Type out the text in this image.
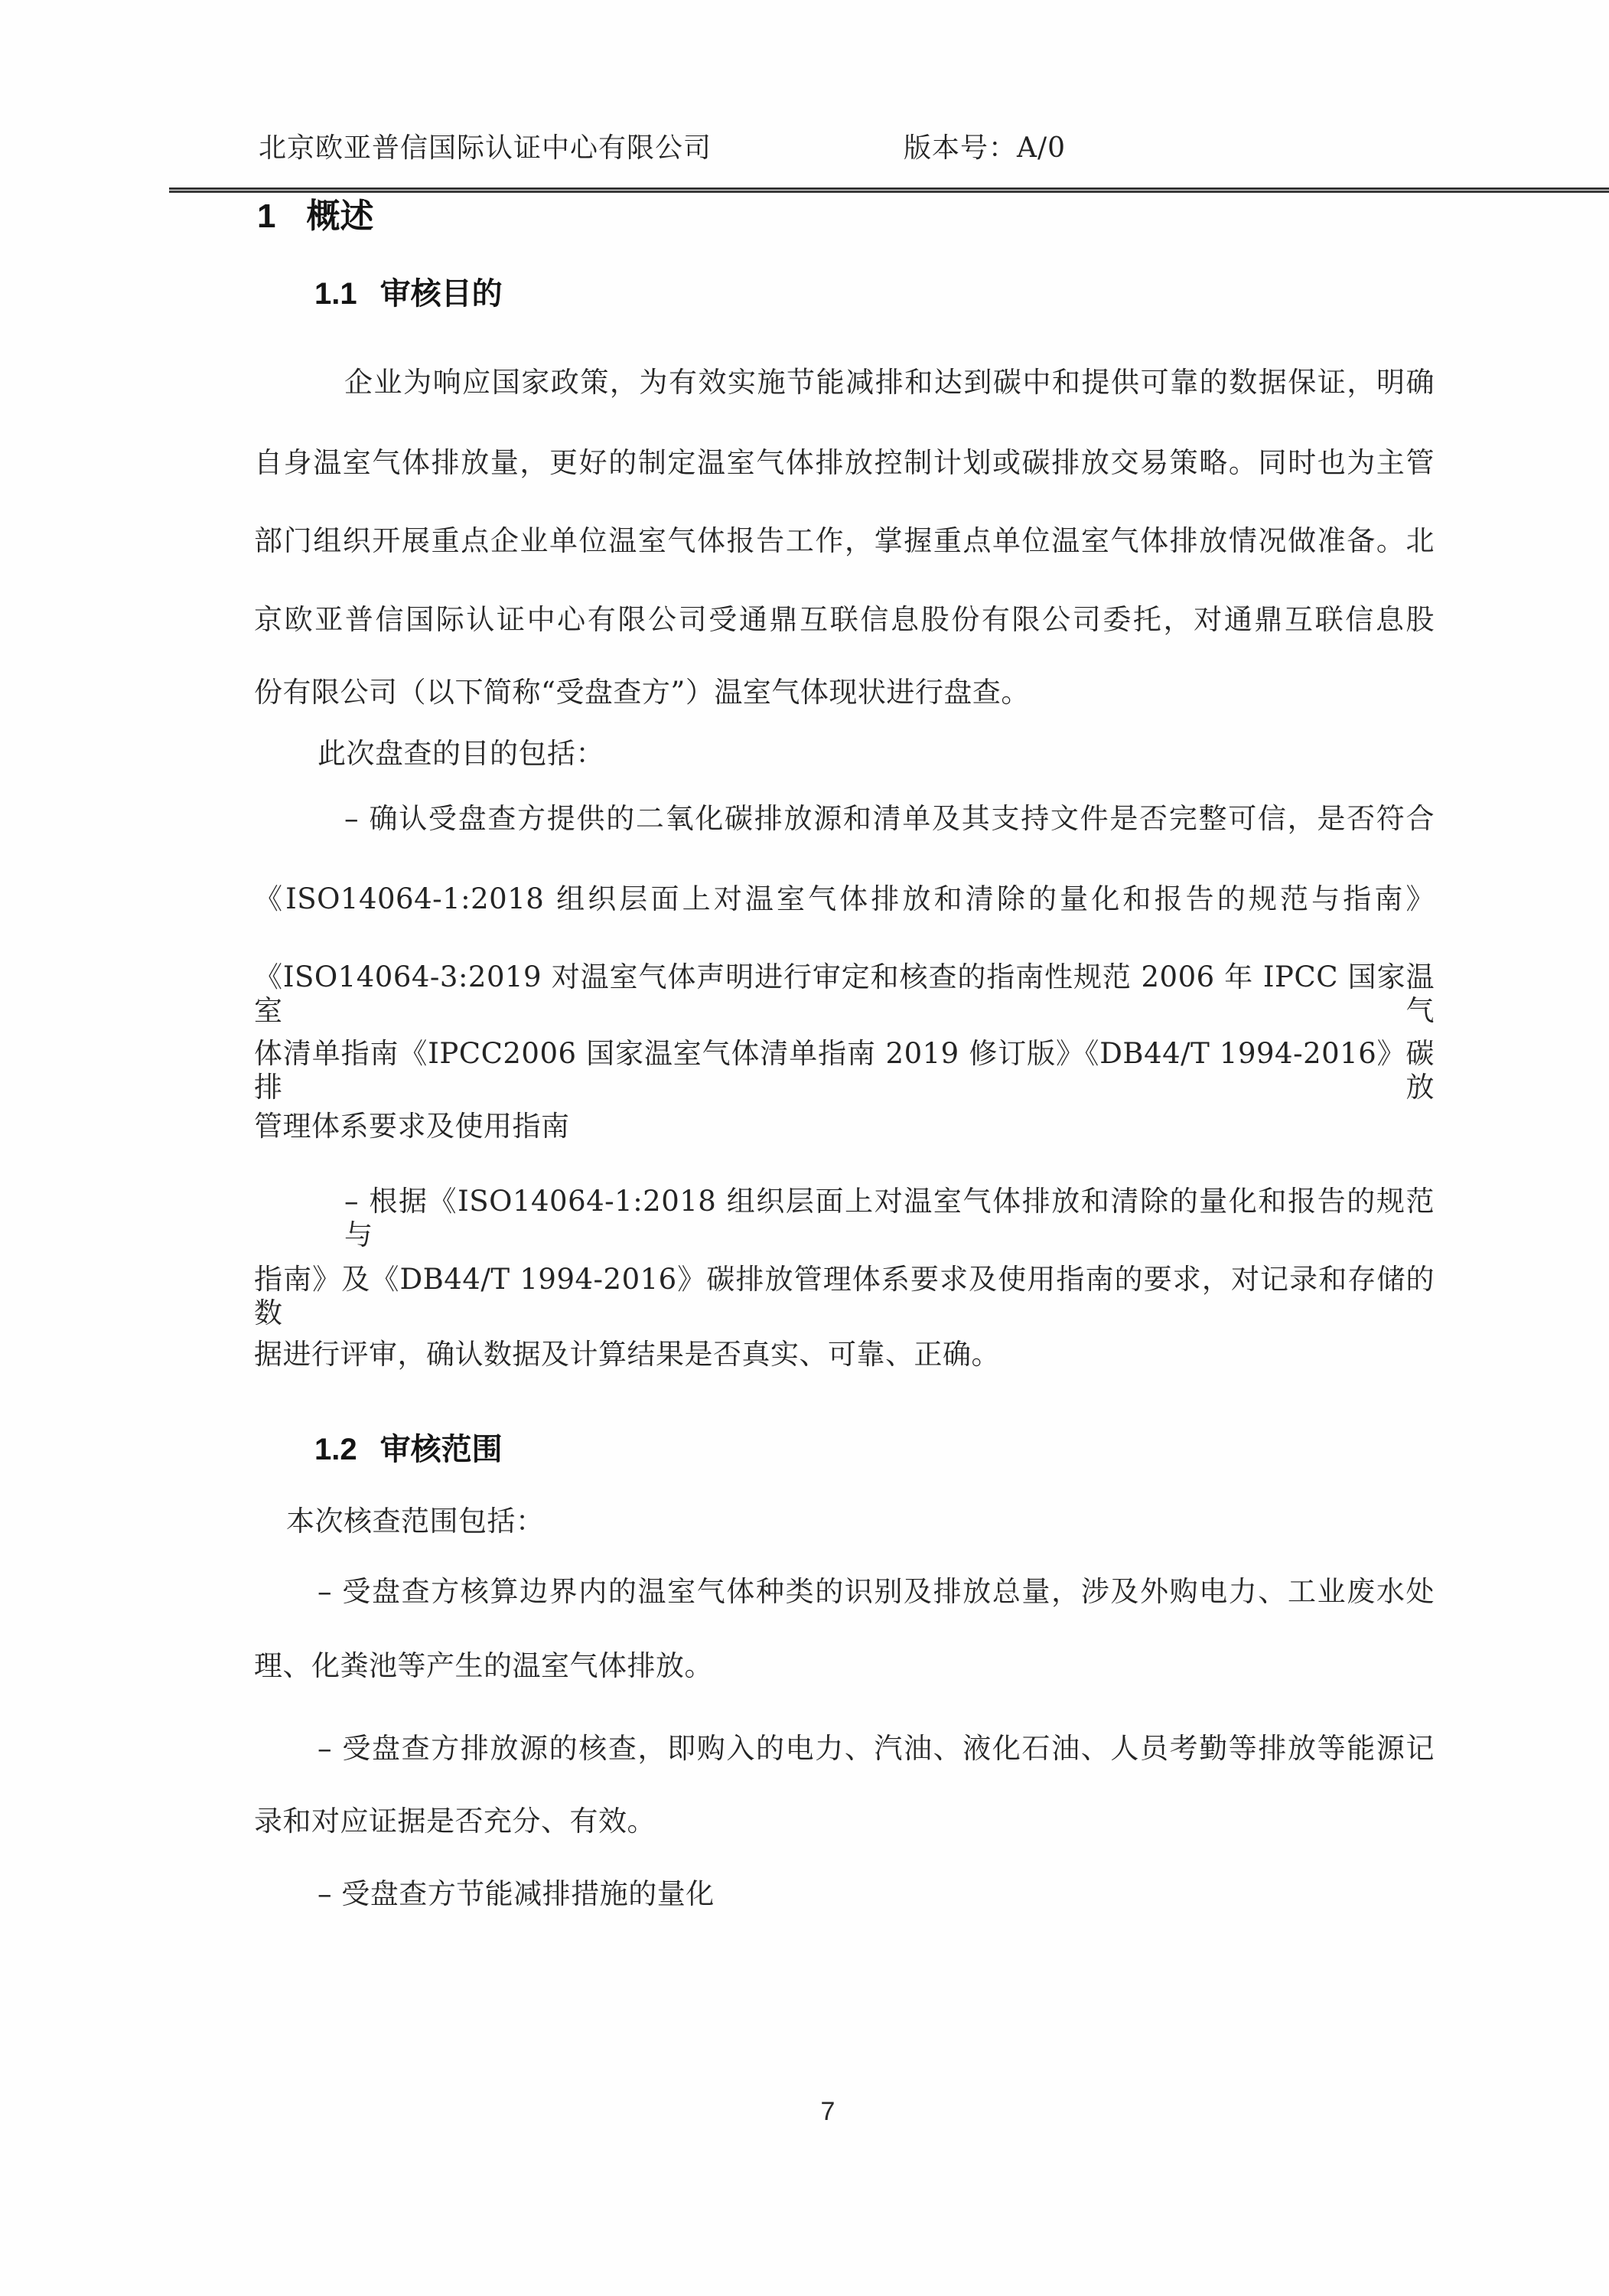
北京欧亚普信国际认证中心有限公司	版本号：A/0
1 概述
1.1 审核目的
企业为响应国家政策，为有效实施节能减排和达到碳中和提供可靠的数据保证，明确
自身温室气体排放量，更好的制定温室气体排放控制计划或碳排放交易策略。同时也为主管
部门组织开展重点企业单位温室气体报告工作，掌握重点单位温室气体排放情况做准备。北
京欧亚普信国际认证中心有限公司受通鼎互联信息股份有限公司委托，对通鼎互联信息股
份有限公司（以下简称“受盘查方”）温室气体现状进行盘查。
此次盘查的目的包括：
– 确认受盘查方提供的二氧化碳排放源和清单及其支持文件是否完整可信，是否符合
《ISO14064-1:2018 组织层面上对温室气体排放和清除的量化和报告的规范与指南》
《ISO14064-3:2019 对温室气体声明进行审定和核查的指南性规范 2006 年 IPCC 国家温室气
体清单指南《IPCC2006 国家温室气体清单指南 2019 修订版》《DB44/T 1994-2016》碳排放
管理体系要求及使用指南
– 根据《ISO14064-1:2018 组织层面上对温室气体排放和清除的量化和报告的规范与
指南》及《DB44/T 1994-2016》碳排放管理体系要求及使用指南的要求，对记录和存储的数
据进行评审，确认数据及计算结果是否真实、可靠、正确。
1.2 审核范围
本次核查范围包括：
– 受盘查方核算边界内的温室气体种类的识别及排放总量，涉及外购电力、工业废水处
理、化粪池等产生的温室气体排放。
– 受盘查方排放源的核查，即购入的电力、汽油、液化石油、人员考勤等排放等能源记
录和对应证据是否充分、有效。
– 受盘查方节能减排措施的量化
7
